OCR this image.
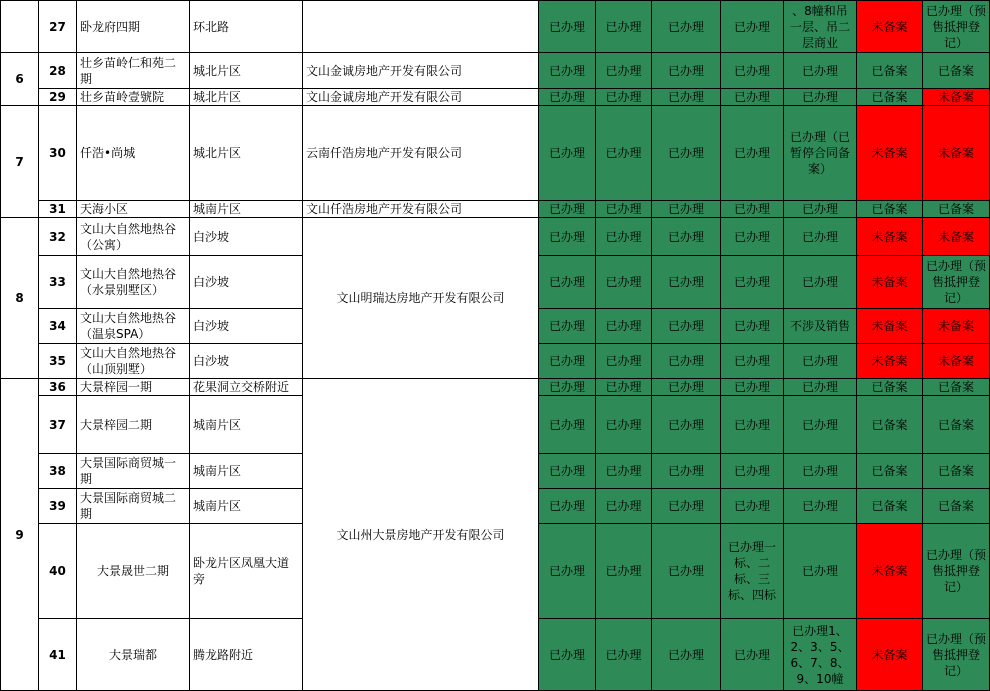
	27	卧龙府四期	环北路		已办理	已办理	已办理	已办理	、8幢和吊一层、吊二层商业	未备案	已办理（预售抵押登记）
6	28	壮乡苗岭仁和苑二期	城北片区	文山金诚房地产开发有限公司	已办理	已办理	已办理	已办理	已办理	已备案	已备案
	29	壮乡苗岭壹號院	城北片区	文山金诚房地产开发有限公司	已办理	已办理	已办理	已办理	已办理	已备案	未备案
7	30	仟浩•尚城	城北片区	云南仟浩房地产开发有限公司	已办理	已办理	已办理	已办理	已办理（已暂停合同备案）	未备案	未备案
	31	天海小区	城南片区	文山仟浩房地产开发有限公司	已办理	已办理	已办理	已办理	已办理	已备案	已备案
8	32	文山大自然地热谷（公寓）	白沙坡	文山明瑞达房地产开发有限公司	已办理	已办理	已办理	已办理	已办理	未备案	未备案
	33	文山大自然地热谷（水景别墅区）	白沙坡		已办理	已办理	已办理	已办理	已办理	未备案	已办理（预售抵押登记）
	34	文山大自然地热谷（温泉SPA）	白沙坡		已办理	已办理	已办理	已办理	不涉及销售	未备案	未备案
	35	文山大自然地热谷（山顶别墅）	白沙坡		已办理	已办理	已办理	已办理	已办理	未备案	未备案
9	36	大景梓园一期	花果洞立交桥附近	文山州大景房地产开发有限公司	已办理	已办理	已办理	已办理	已办理	已备案	已备案
	37	大景梓园二期	城南片区		已办理	已办理	已办理	已办理	已办理	已备案	已备案
	38	大景国际商贸城一期	城南片区		已办理	已办理	已办理	已办理	已办理	已备案	已备案
	39	大景国际商贸城二期	城南片区		已办理	已办理	已办理	已办理	已办理	已备案	已备案
	40	大景晟世二期	卧龙片区凤凰大道旁		已办理	已办理	已办理	已办理一标、二标、三标、四标	已办理	未备案	已办理（预售抵押登记）
	41	大景瑞都	腾龙路附近		已办理	已办理	已办理	已办理	已办理1、2、3、5、6、7、8、9、10幢	未备案	已办理（预售抵押登记）
